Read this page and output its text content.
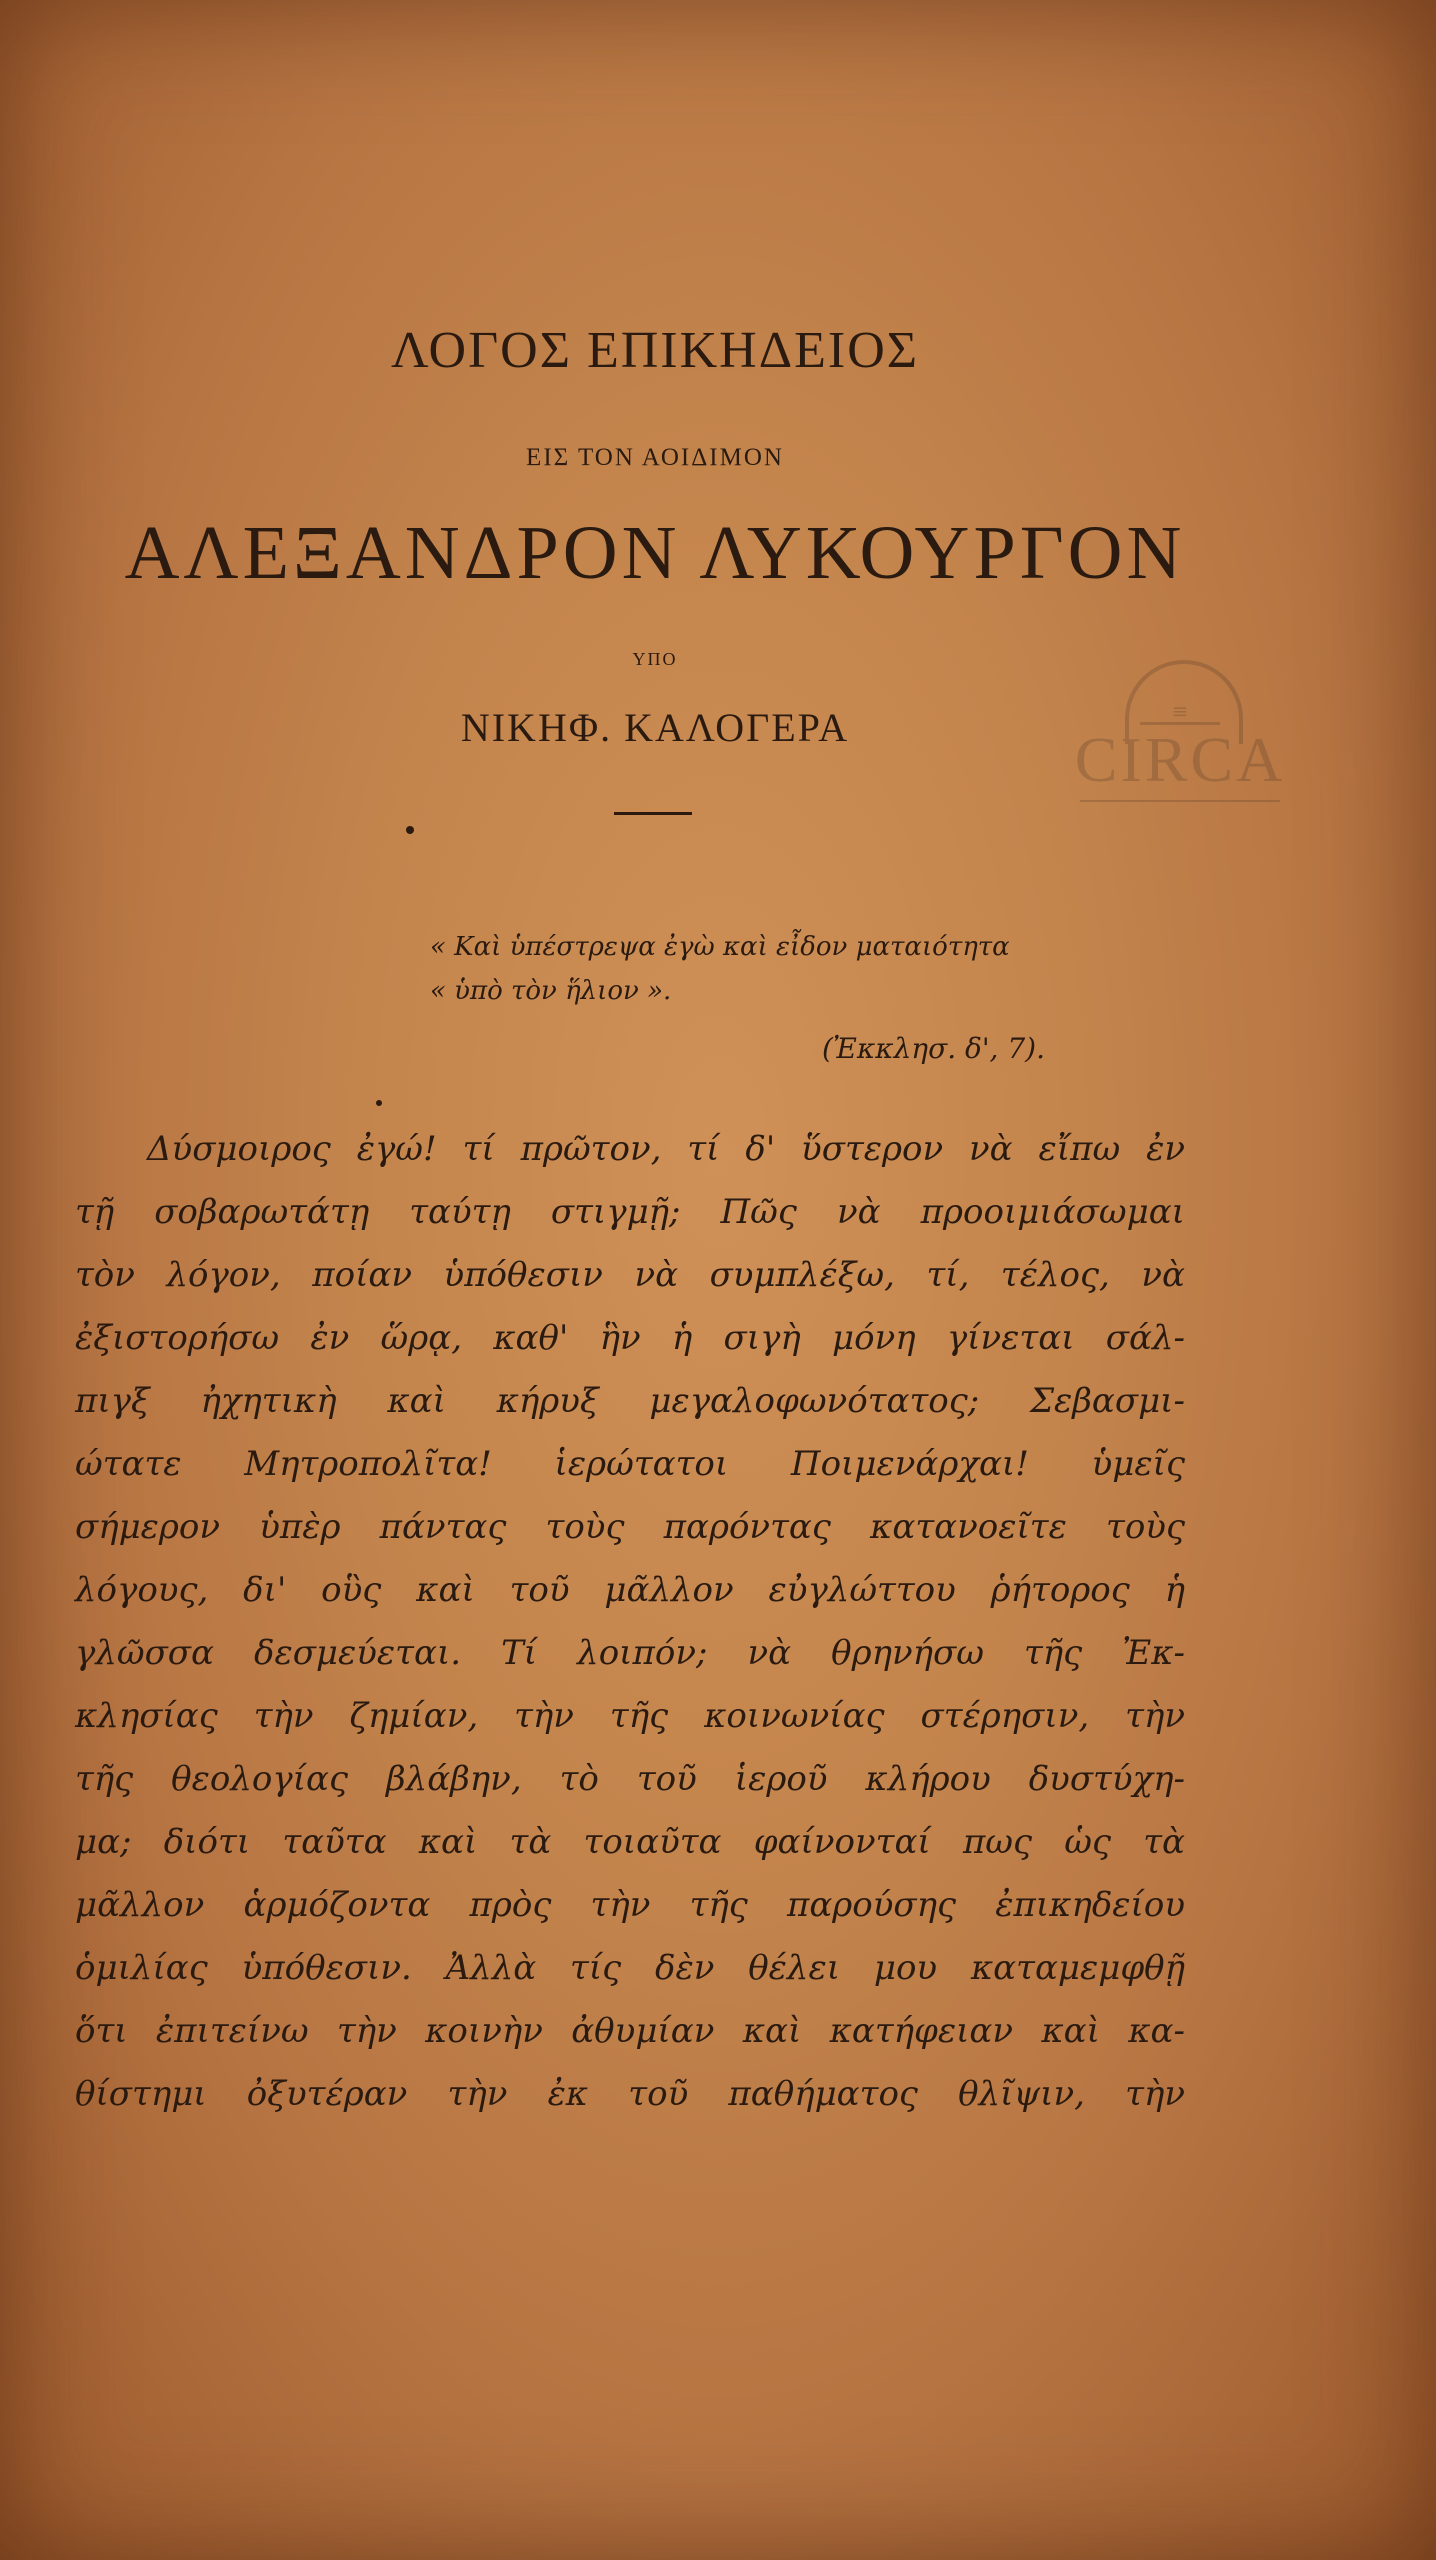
ΛΟΓΟΣ ΕΠΙΚΗΔΕΙΟΣ
ΕΙΣ ΤΟΝ ΑΟΙΔΙΜΟΝ
ΑΛΕΞΑΝΔΡΟΝ ΛΥΚΟΥΡΓΟΝ
ΥΠΟ
ΝΙΚΗΦ. ΚΑΛΟΓΕΡΑ	≡
CIRCA
« Καὶ ὑπέστρεψα ἐγὼ καὶ εἶδον ματαιότητα
« ὑπὸ τὸν ἥλιον ».
(Ἐκκλησ. δ', 7).
Δύσμοιρος ἐγώ! τί πρῶτον, τί δ' ὕστερον νὰ εἴπω ἐν
τῇ σοβαρωτάτῃ ταύτῃ στιγμῇ; Πῶς νὰ προοιμιάσωμαι
τὸν λόγον, ποίαν ὑπόθεσιν νὰ συμπλέξω, τί, τέλος, νὰ
ἐξιστορήσω ἐν ὥρᾳ, καθ' ἣν ἡ σιγὴ μόνη γίνεται σάλ-
πιγξ ἠχητικὴ καὶ κήρυξ μεγαλοφωνότατος; Σεβασμι-
ώτατε Μητροπολῖτα! ἱερώτατοι Ποιμενάρχαι! ὑμεῖς
σήμερον ὑπὲρ πάντας τοὺς παρόντας κατανοεῖτε τοὺς
λόγους, δι' οὓς καὶ τοῦ μᾶλλον εὐγλώττου ῥήτορος ἡ
γλῶσσα δεσμεύεται. Τί λοιπόν; νὰ θρηνήσω τῆς Ἐκ-
κλησίας τὴν ζημίαν, τὴν τῆς κοινωνίας στέρησιν, τὴν
τῆς θεολογίας βλάβην, τὸ τοῦ ἱεροῦ κλήρου δυστύχη-
μα; διότι ταῦτα καὶ τὰ τοιαῦτα φαίνονταί πως ὡς τὰ
μᾶλλον ἁρμόζοντα πρὸς τὴν τῆς παρούσης ἐπικηδείου
ὁμιλίας ὑπόθεσιν. Ἀλλὰ τίς δὲν θέλει μου καταμεμφθῇ
ὅτι ἐπιτείνω τὴν κοινὴν ἀθυμίαν καὶ κατήφειαν καὶ κα-
θίστημι ὀξυτέραν τὴν ἐκ τοῦ παθήματος θλῖψιν, τὴν
